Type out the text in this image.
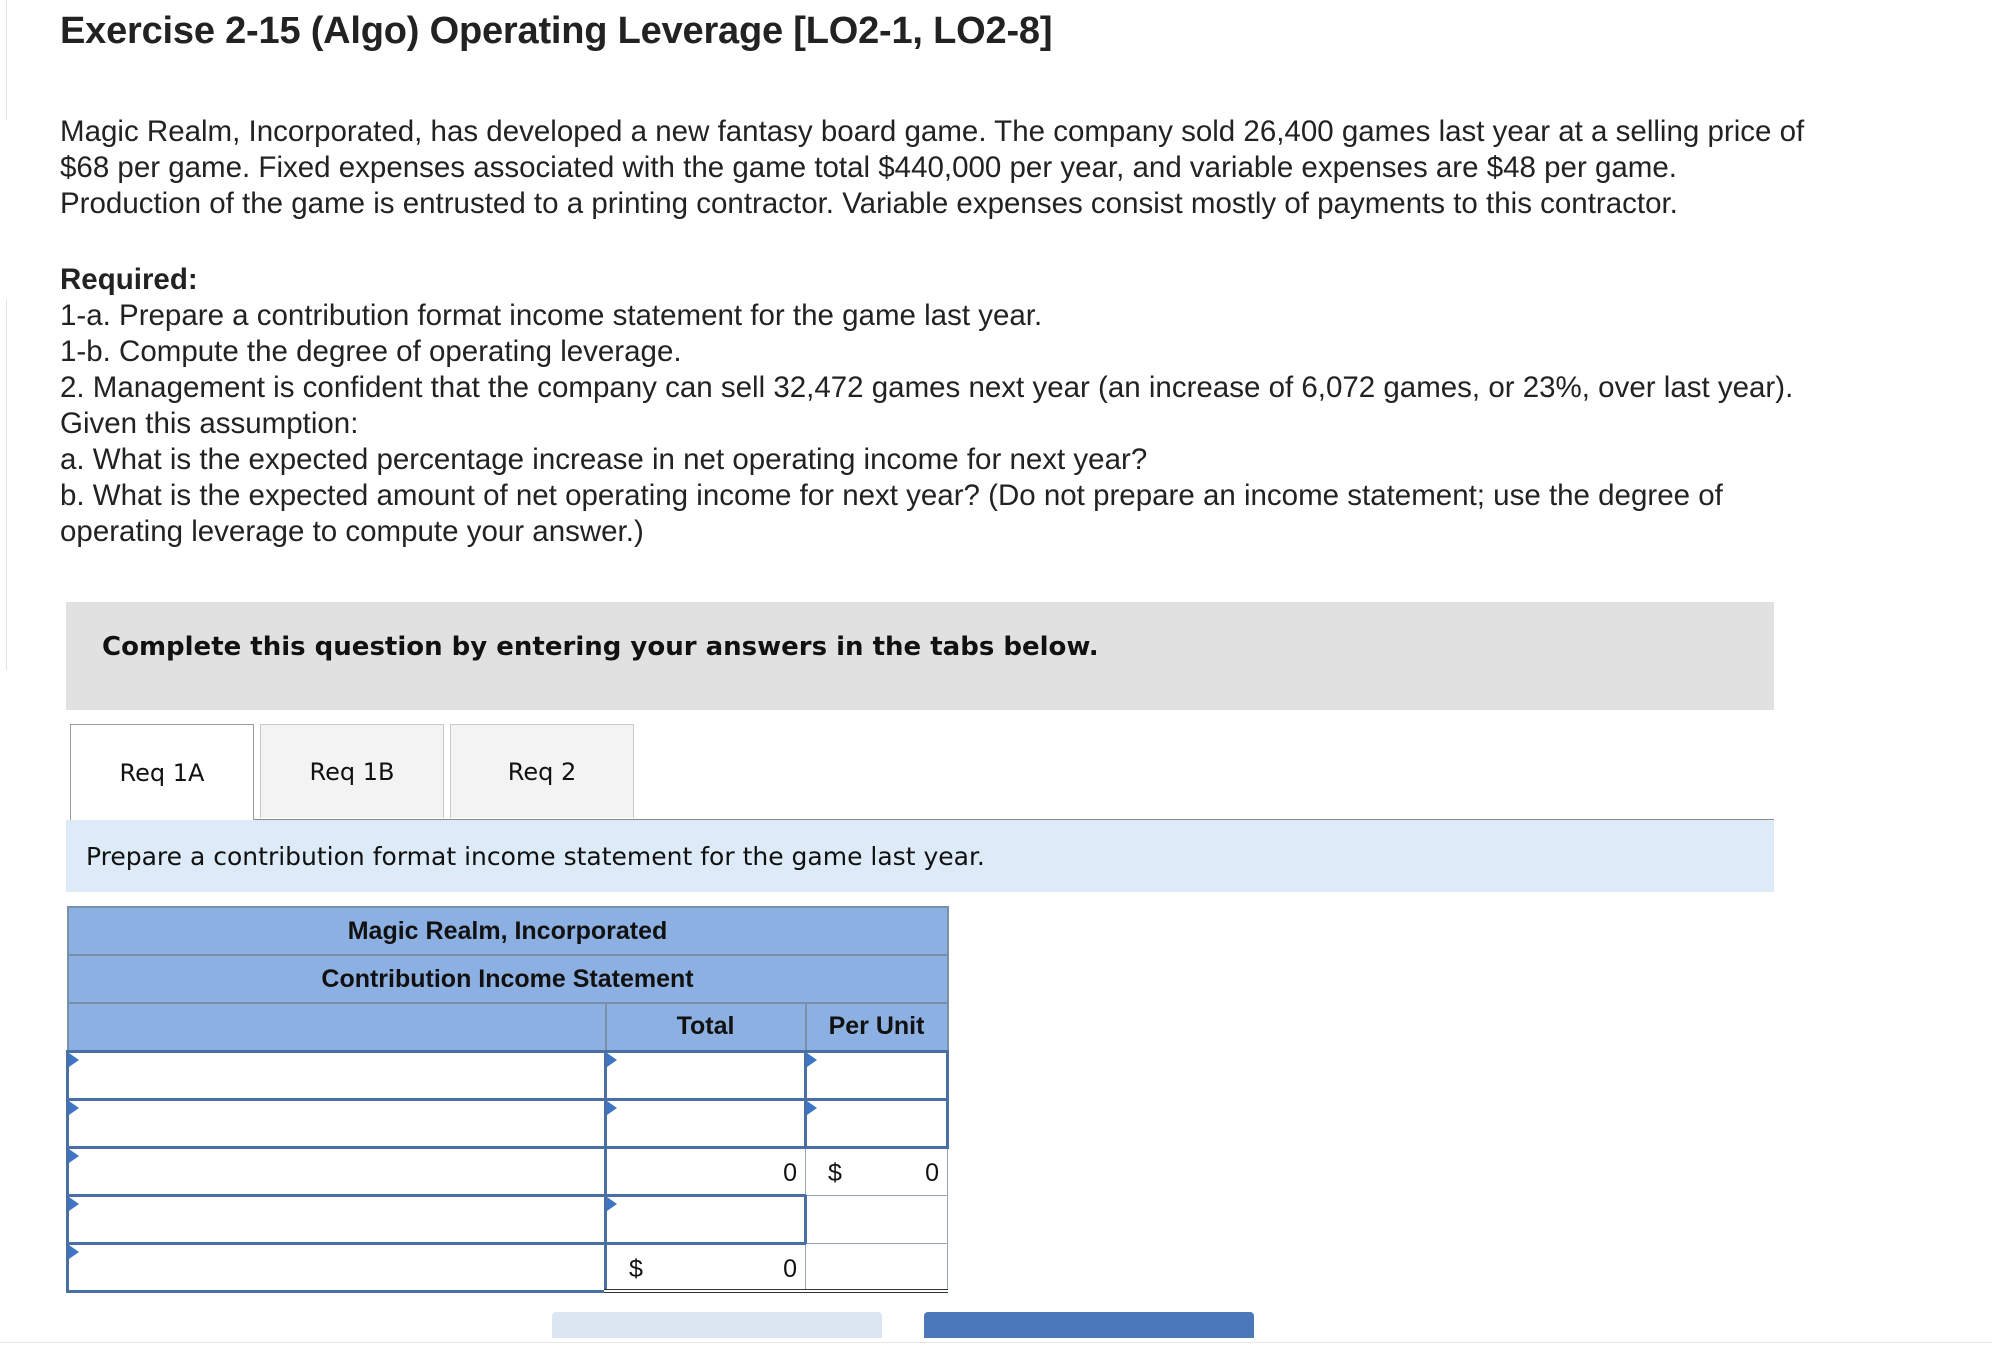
Exercise 2-15 (Algo) Operating Leverage [LO2-1, LO2-8]
Magic Realm, Incorporated, has developed a new fantasy board game. The company sold 26,400 games last year at a selling price of
$68 per game. Fixed expenses associated with the game total $440,000 per year, and variable expenses are $48 per game.
Production of the game is entrusted to a printing contractor. Variable expenses consist mostly of payments to this contractor.
Required:
1-a. Prepare a contribution format income statement for the game last year.
1-b. Compute the degree of operating leverage.
2. Management is confident that the company can sell 32,472 games next year (an increase of 6,072 games, or 23%, over last year).
Given this assumption:
a. What is the expected percentage increase in net operating income for next year?
b. What is the expected amount of net operating income for next year? (Do not prepare an income statement; use the degree of
operating leverage to compute your answer.)
Complete this question by entering your answers in the tabs below.
Req 1A	Req 1B	Req 2
Prepare a contribution format income statement for the game last year.
Magic Realm, Incorporated		
Contribution Income Statement		
	Total	Per Unit

	0	$ 0

	$ 0	
